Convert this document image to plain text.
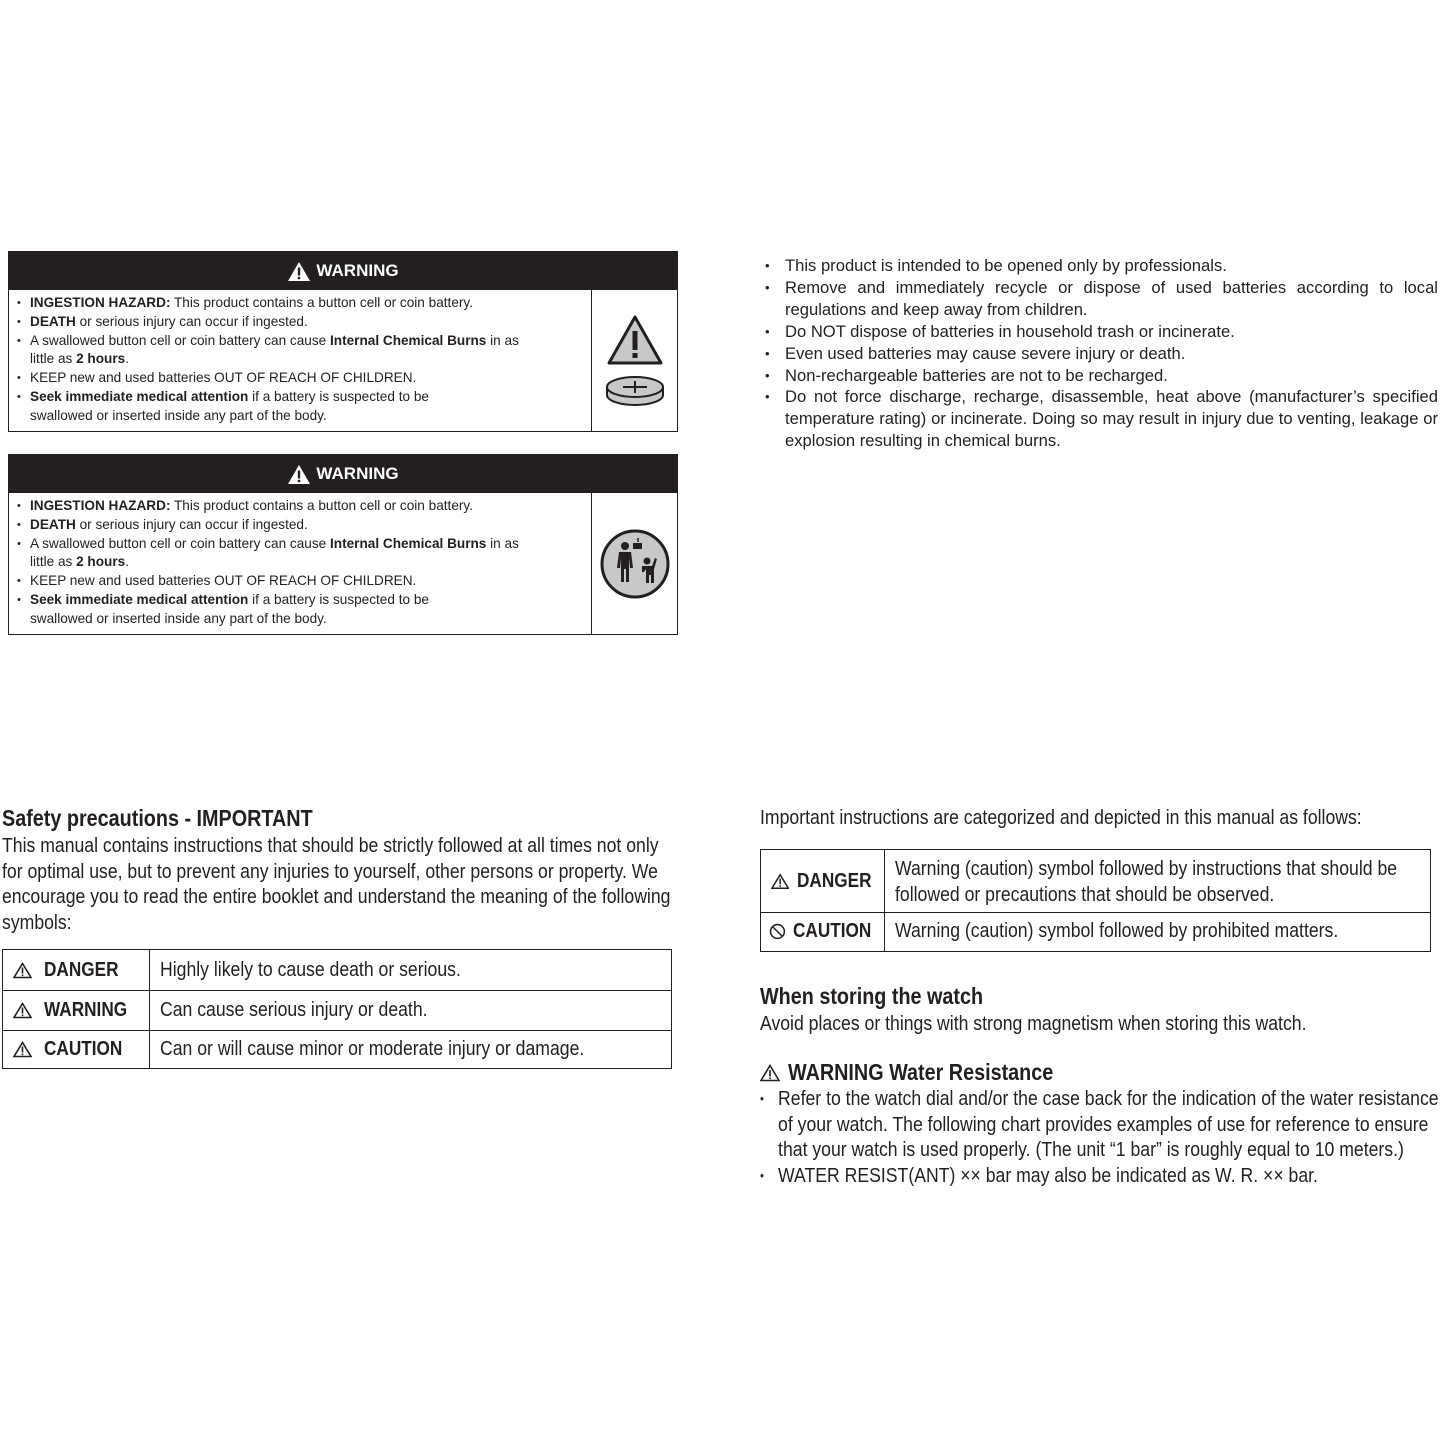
WARNING
• INGESTION HAZARD: This product contains a button cell or coin battery.
• DEATH or serious injury can occur if ingested.
• A swallowed button cell or coin battery can cause Internal Chemical Burns in as
little as 2 hours.
• KEEP new and used batteries OUT OF REACH OF CHILDREN.
• Seek immediate medical attention if a battery is suspected to be
swallowed or inserted inside any part of the body.
WARNING
• INGESTION HAZARD: This product contains a button cell or coin battery.
• DEATH or serious injury can occur if ingested.
• A swallowed button cell or coin battery can cause Internal Chemical Burns in as
little as 2 hours.
• KEEP new and used batteries OUT OF REACH OF CHILDREN.
• Seek immediate medical attention if a battery is suspected to be
swallowed or inserted inside any part of the body.
• This product is intended to be opened only by professionals.
• Remove and immediately recycle or dispose of used batteries according to local regulations and keep away from children.
• Do NOT dispose of batteries in household trash or incinerate.
• Even used batteries may cause severe injury or death.
• Non-rechargeable batteries are not to be recharged.
• Do not force discharge, recharge, disassemble, heat above (manufacturer’s specified temperature rating) or incinerate. Doing so may result in injury due to venting, leakage or explosion resulting in chemical burns.
Safety precautions - IMPORTANT
This manual contains instructions that should be strictly followed at all times not only
for optimal use, but to prevent any injuries to yourself, other persons or property. We
encourage you to read the entire booklet and understand the meaning of the following
symbols:
DANGER Highly likely to cause death or serious.
WARNING Can cause serious injury or death.
CAUTION Can or will cause minor or moderate injury or damage.
Important instructions are categorized and depicted in this manual as follows:
DANGER
Warning (caution) symbol followed by instructions that should be
followed or precautions that should be observed.
CAUTION Warning (caution) symbol followed by prohibited matters.
When storing the watch
Avoid places or things with strong magnetism when storing this watch.
WARNING Water Resistance
• Refer to the watch dial and/or the case back for the indication of the water resistance
of your watch. The following chart provides examples of use for reference to ensure
that your watch is used properly. (The unit “1 bar” is roughly equal to 10 meters.)
• WATER RESIST(ANT) ×× bar may also be indicated as W. R. ×× bar.
